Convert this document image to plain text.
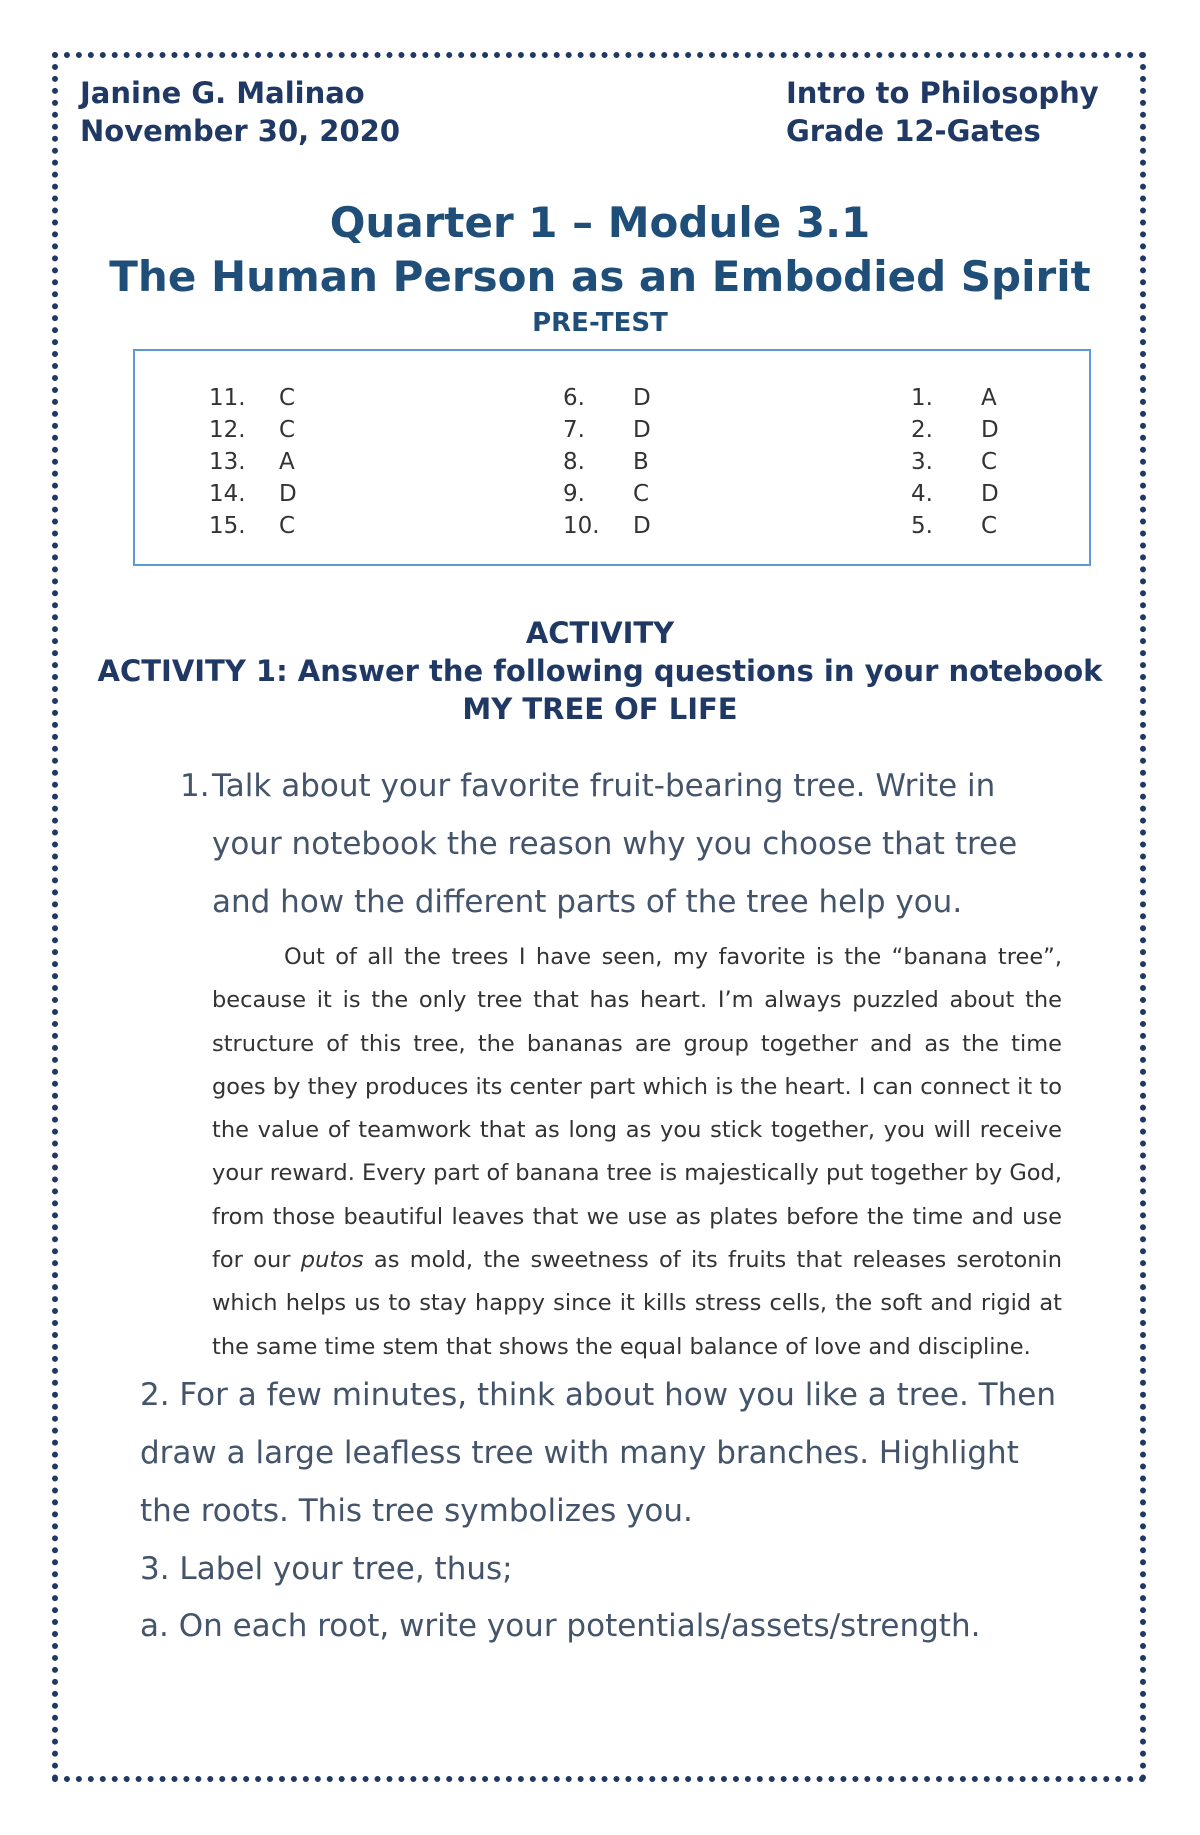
Janine G. Malinao
November 30, 2020
Intro to Philosophy
Grade 12-Gates
Quarter 1 – Module 3.1
The Human Person as an Embodied Spirit
PRE-TEST
11. C
12. C
13. A
14. D
15. C
6. D
7. D
8. B
9. C
10. D
1. A
2. D
3. C
4. D
5. C
ACTIVITY
ACTIVITY 1: Answer the following questions in your notebook
MY TREE OF LIFE
1. Talk about your favorite fruit-bearing tree. Write in your notebook the reason why you choose that tree and how the different parts of the tree help you.
Out of all the trees I have seen, my favorite is the “banana tree”, because it is the only tree that has heart. I’m always puzzled about the structure of this tree, the bananas are group together and as the time goes by they produces its center part which is the heart. I can connect it to the value of teamwork that as long as you stick together, you will receive your reward. Every part of banana tree is majestically put together by God, from those beautiful leaves that we use as plates before the time and use for our putos as mold, the sweetness of its fruits that releases serotonin which helps us to stay happy since it kills stress cells, the soft and rigid at the same time stem that shows the equal balance of love and discipline.
2. For a few minutes, think about how you like a tree. Then draw a large leafless tree with many branches. Highlight the roots. This tree symbolizes you.
3. Label your tree, thus;
a. On each root, write your potentials/assets/strength.
